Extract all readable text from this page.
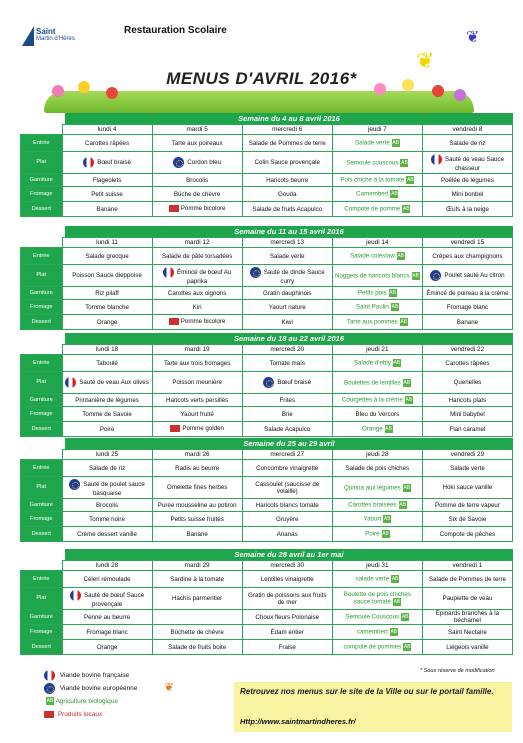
Saint
Martin d'Hères
Restauration Scolaire	❦
❦
MENUS D'AVRIL 2016*
Semaine du 4 au 8 avril 2016
	lundi 4	mardi 5	mercredi 6	jeudi 7	vendredi 8
Entrée	Carottes râpées	Tarte aux poireaux	Salade de Pommes de terre	Salade verte AB	Salade de riz
Plat	Bœuf braisé	Cordon bleu	Colin Sauce provençale	Semoule couscous AB	Sauté de veau Sauce chasseur
Garniture	Flageolets	Brocolis	Haricots beurre	Pois chiche à la tomate AB	Poêlée de légumes
Fromage	Petit suisse	Bûche de chèvre	Gouda	Camembert AB	Mini bonbel
Dessert	Banane	Pomme bicolore	Salade de fruits Acapulco	Compote de pomme AB	Œufs à la neige
Semaine du 11 au 15 avril 2016
	lundi 11	mardi 12	mercredi 13	jeudi 14	vendredi 15
Entrée	Salade grecque	Salade de pâte torsadées	Salade verte	Salade coleslaw AB	Crêpes aux champignons
Plat	Poisson Sauce dieppoise	Émincé de bœuf Au paprika	Sauté de dinde Sauce curry	Nuggets de haricots blancs AB	Poulet sauté Au citron
Garniture	Riz pilaff	Carottes aux oignons	Gratin dauphinois	Petits pois AB	Émincé de poireau à la crème
Fromage	Tomme blanche	Kiri	Yaourt nature	Saint Paulin AB	Fromage blanc
Dessert	Orange	Pomme bicolore	Kiwi	Tarte aux pommes AB	Banane
Semaine du 18 au 22 avril 2016
	lundi 18	mardi 19	mercredi 20	jeudi 21	vendredi 22
Entrée	Taboulé	Tarte aux trois fromages	Tomate maïs	Salade d'ebly AB	Carottes râpées
Plat	Sauté de veau Aux olives	Poisson meunière	Bœuf braisé	Boulettes de lentilles AB	Quenelles
Garniture	Printanière de légumes	Haricots verts persillés	Frites	Courgettes à la crème AB	Haricots plats
Fromage	Tomme de Savoie	Yaourt fruité	Brie	Bleu du Vercors	Mini babybel
Dessert	Poire	Pomme golden	Salade Acapulco	Orange AB	Flan caramel
Semaine du 25 au 29 avril
	lundi 25	mardi 26	mercredi 27	jeudi 28	vendredi 29
Entrée	Salade de riz	Radis au beurre	Concombre vinaigrette	Salade de pois chiches	Salade verte
Plat	Sauté de poulet sauce basquaise	Omelette fines herbes	Cassoulet (saucisse de volaille)	Quinoa aux légumes AB	Hoki sauce vanille
Garniture	Brocolis	Purée mousseline au potiron	Haricots blancs tomate	Carottes braisées AB	Pomme de terre vapeur
Fromage	Tomme noire	Petits suisse fruités	Gruyère	Yaourt AB	Six de Savoie
Dessert	Crème dessert vanille	Banane	Ananas	Poire AB	Compote de pêches
Semaine du 28 avril au 1er mai
	lundi 28	mardi 29	mercredi 30	jeudi 31	vendredi 1
Entrée	Céleri rémoulade	Sardine à la tomate	Lentilles vinaigrette	salade verte AB	Salade de Pommes de terre
Plat	Sauté de bœuf Sauce provençale	Hachis parmentier	Gratin de poissons aux fruits de mer	Boulette de pois chiches sauce tomate AB	Paupiette de veau
Garniture	Penne au beurre		Choux fleurs Polonaise	Semoule Couscous AB	Épinards branches à la béchamel
Fromage	Fromage blanc	Bûchette de chèvre	Édam entier	camembert AB	Saint Nectaire
Dessert	Orange	Salade de fruits boite	Fraise	compote de pommes AB	Liégeois vanille
* Sous réserve de modification
Viande bovine française
Viande bovine européenne
AB Agriculture biologique
Produits locaux
❦	Retrouvez nos menus sur le site de la Ville ou sur le portail famille.
Http://www.saintmartindheres.fr/
